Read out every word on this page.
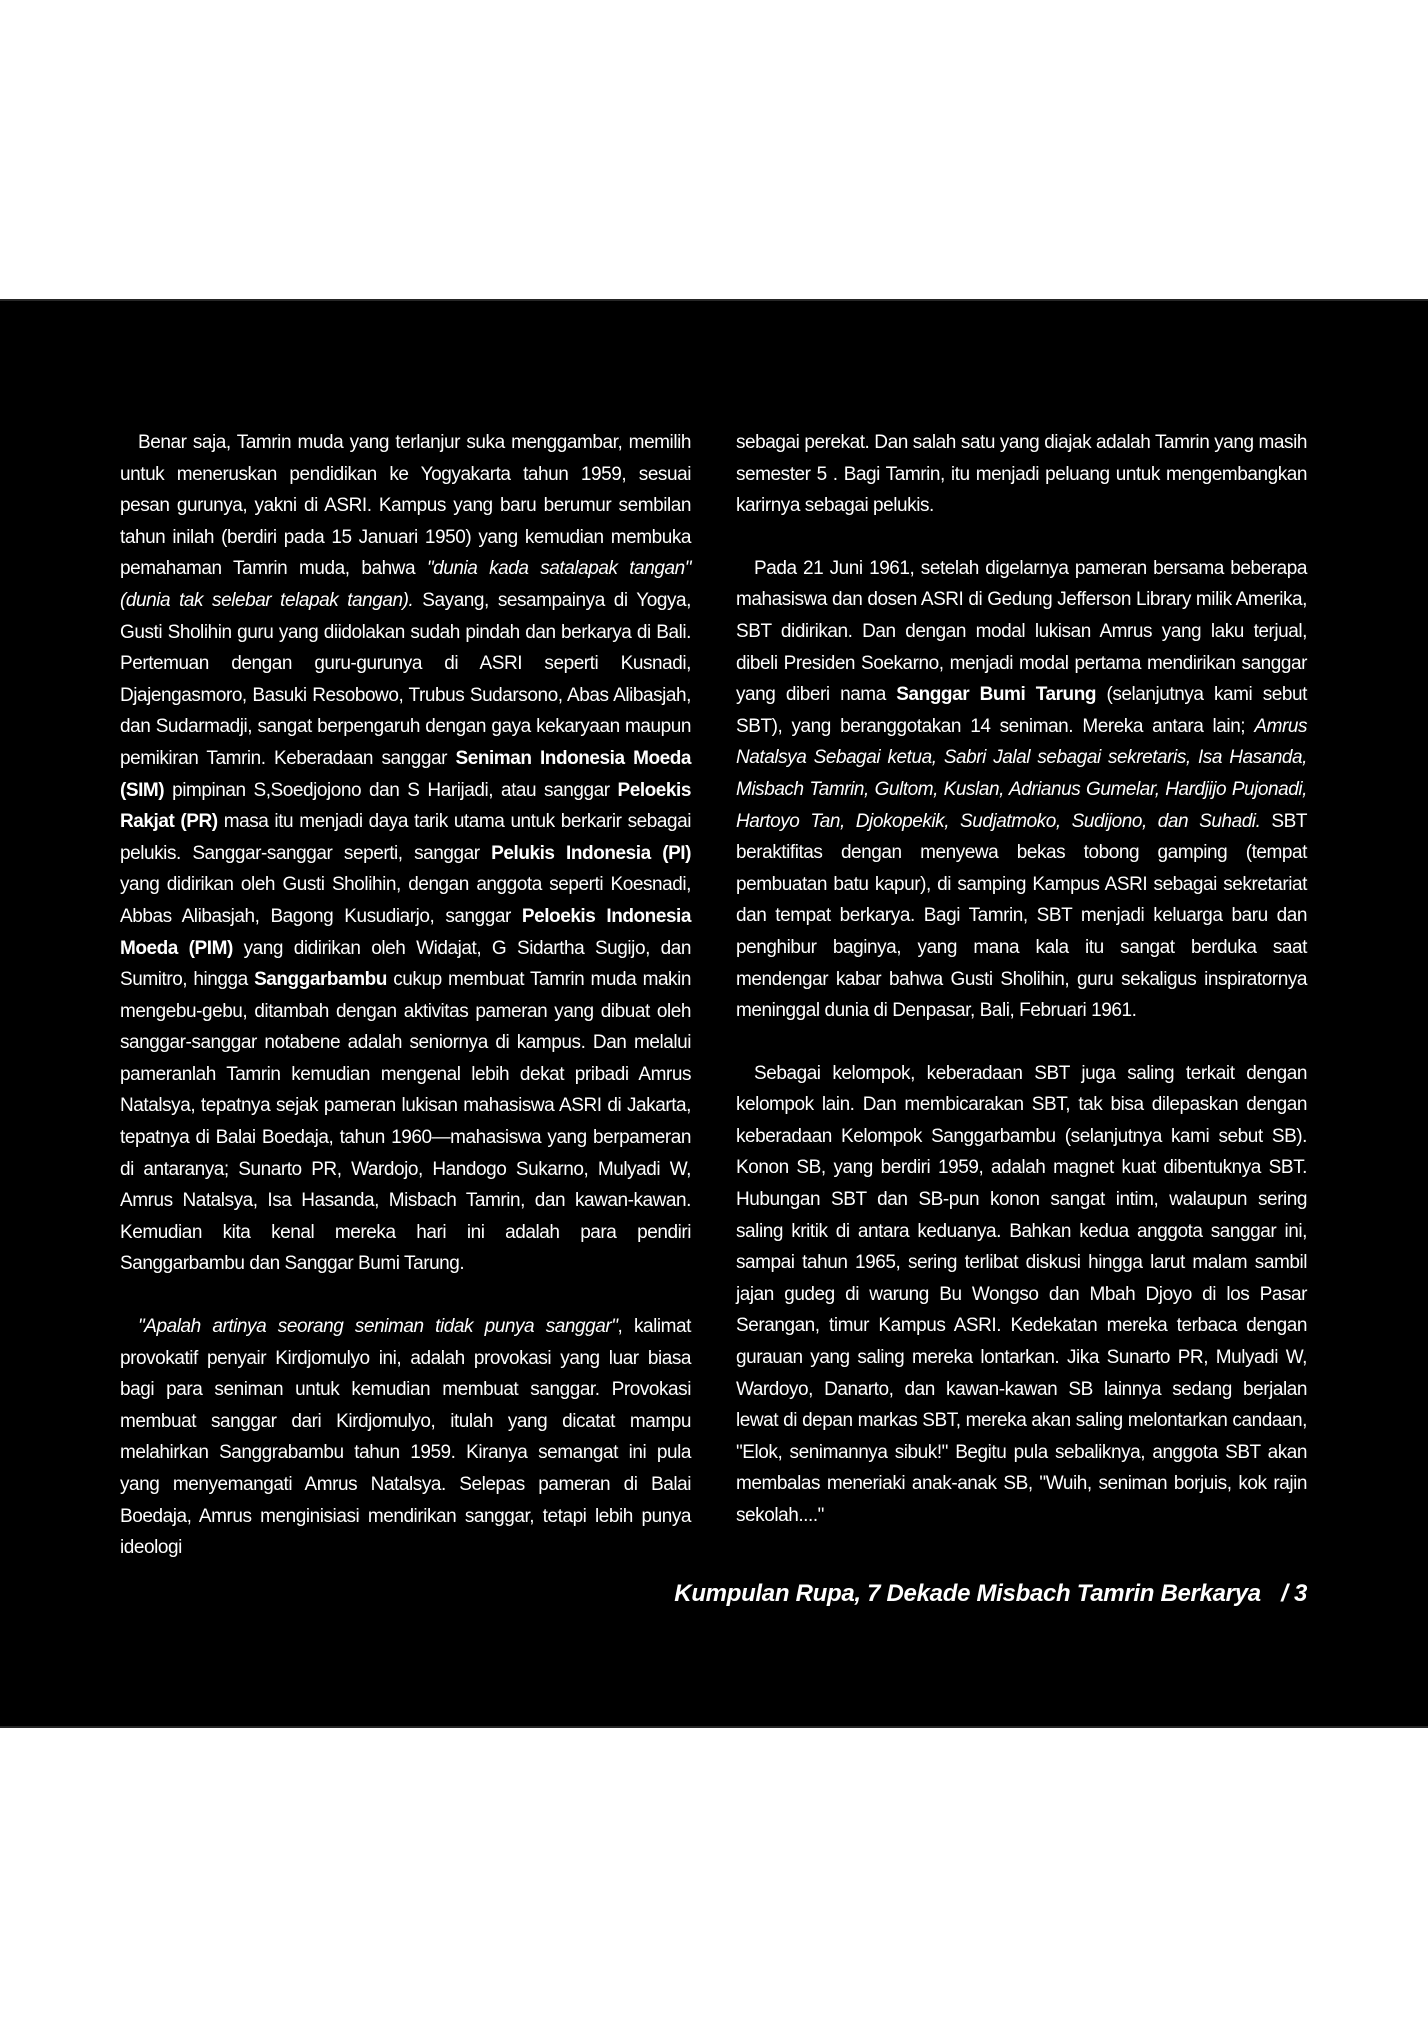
Benar saja, Tamrin muda yang terlanjur suka menggambar, memilih untuk meneruskan pendidikan ke Yogyakarta tahun 1959, sesuai pesan gurunya, yakni di ASRI. Kampus yang baru berumur sembilan tahun inilah (berdiri pada 15 Januari 1950) yang kemudian membuka pemahaman Tamrin muda, bahwa "dunia kada satalapak tangan" (dunia tak selebar telapak tangan). Sayang, sesampainya di Yogya, Gusti Sholihin guru yang diidolakan sudah pindah dan berkarya di Bali. Pertemuan dengan guru-gurunya di ASRI seperti Kusnadi, Djajengasmoro, Basuki Resobowo, Trubus Sudarsono, Abas Alibasjah, dan Sudarmadji, sangat berpengaruh dengan gaya kekaryaan maupun pemikiran Tamrin. Keberadaan sanggar Seniman Indonesia Moeda (SIM) pimpinan S,Soedjojono dan S Harijadi, atau sanggar Peloekis Rakjat (PR) masa itu menjadi daya tarik utama untuk berkarir sebagai pelukis. Sanggar-sanggar seperti, sanggar Pelukis Indonesia (PI) yang didirikan oleh Gusti Sholihin, dengan anggota seperti Koesnadi, Abbas Alibasjah, Bagong Kusudiarjo, sanggar Peloekis Indonesia Moeda (PIM) yang didirikan oleh Widajat, G Sidartha Sugijo, dan Sumitro, hingga Sanggarbambu cukup membuat Tamrin muda makin mengebu-gebu, ditambah dengan aktivitas pameran yang dibuat oleh sanggar-sanggar notabene adalah seniornya di kampus. Dan melalui pameranlah Tamrin kemudian mengenal lebih dekat pribadi Amrus Natalsya, tepatnya sejak pameran lukisan mahasiswa ASRI di Jakarta, tepatnya di Balai Boedaja, tahun 1960—mahasiswa yang berpameran di antaranya; Sunarto PR, Wardojo, Handogo Sukarno, Mulyadi W, Amrus Natalsya, Isa Hasanda, Misbach Tamrin, dan kawan-kawan. Kemudian kita kenal mereka hari ini adalah para pendiri Sanggarbambu dan Sanggar Bumi Tarung.

"Apalah artinya seorang seniman tidak punya sanggar", kalimat provokatif penyair Kirdjomulyo ini, adalah provokasi yang luar biasa bagi para seniman untuk kemudian membuat sanggar. Provokasi membuat sanggar dari Kirdjomulyo, itulah yang dicatat mampu melahirkan Sanggrabambu tahun 1959. Kiranya semangat ini pula yang menyemangati Amrus Natalsya. Selepas pameran di Balai Boedaja, Amrus menginisiasi mendirikan sanggar, tetapi lebih punya ideologi

sebagai perekat. Dan salah satu yang diajak adalah Tamrin yang masih semester 5 . Bagi Tamrin, itu menjadi peluang untuk mengembangkan karirnya sebagai pelukis.

Pada 21 Juni 1961, setelah digelarnya pameran bersama beberapa mahasiswa dan dosen ASRI di Gedung Jefferson Library milik Amerika, SBT didirikan. Dan dengan modal lukisan Amrus yang laku terjual, dibeli Presiden Soekarno, menjadi modal pertama mendirikan sanggar yang diberi nama Sanggar Bumi Tarung (selanjutnya kami sebut SBT), yang beranggotakan 14 seniman. Mereka antara lain; Amrus Natalsya Sebagai ketua, Sabri Jalal sebagai sekretaris, Isa Hasanda, Misbach Tamrin, Gultom, Kuslan, Adrianus Gumelar, Hardjijo Pujonadi, Hartoyo Tan, Djokopekik, Sudjatmoko, Sudijono, dan Suhadi. SBT beraktifitas dengan menyewa bekas tobong gamping (tempat pembuatan batu kapur), di samping Kampus ASRI sebagai sekretariat dan tempat berkarya. Bagi Tamrin, SBT menjadi keluarga baru dan penghibur baginya, yang mana kala itu sangat berduka saat mendengar kabar bahwa Gusti Sholihin, guru sekaligus inspiratornya meninggal dunia di Denpasar, Bali, Februari 1961.

Sebagai kelompok, keberadaan SBT juga saling terkait dengan kelompok lain. Dan membicarakan SBT, tak bisa dilepaskan dengan keberadaan Kelompok Sanggarbambu (selanjutnya kami sebut SB). Konon SB, yang berdiri 1959, adalah magnet kuat dibentuknya SBT. Hubungan SBT dan SB-pun konon sangat intim, walaupun sering saling kritik di antara keduanya. Bahkan kedua anggota sanggar ini, sampai tahun 1965, sering terlibat diskusi hingga larut malam sambil jajan gudeg di warung Bu Wongso dan Mbah Djoyo di los Pasar Serangan, timur Kampus ASRI. Kedekatan mereka terbaca dengan gurauan yang saling mereka lontarkan. Jika Sunarto PR, Mulyadi W, Wardoyo, Danarto, dan kawan-kawan SB lainnya sedang berjalan lewat di depan markas SBT, mereka akan saling melontarkan candaan, "Elok, senimannya sibuk!" Begitu pula sebaliknya, anggota SBT akan membalas meneriaki anak-anak SB, "Wuih, seniman borjuis, kok rajin sekolah...."

Kumpulan Rupa, 7 Dekade Misbach Tamrin Berkarya / 3
